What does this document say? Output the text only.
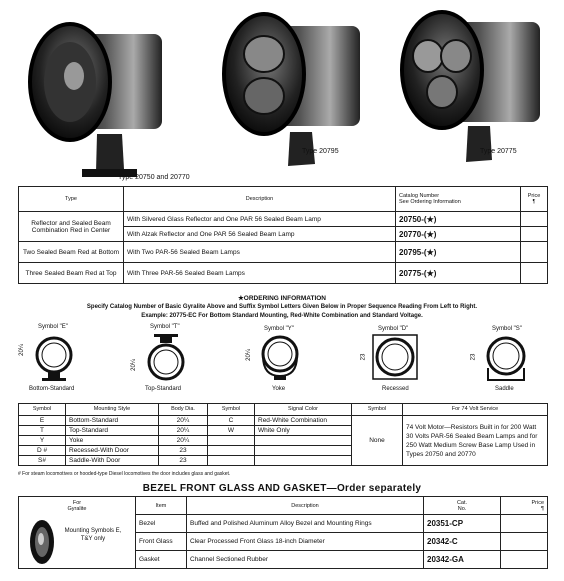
Type 20750 and 20770
Type 20795	Type 20775
Type	Description	Catalog Number
See Ordering Information	Price
¶
Reflector and Sealed Beam Combination Red in Center	With Silvered Glass Reflector and One PAR 56 Sealed Beam Lamp	20750-(★)	
	With Alzak Reflector and One PAR 56 Sealed Beam Lamp	20770-(★)	
Two Sealed Beam Red at Bottom	With Two PAR-56 Sealed Beam Lamps	20795-(★)	
Three Sealed Beam Red at Top	With Three PAR-56 Sealed Beam Lamps	20775-(★)	
★ORDERING INFORMATION
Specify Catalog Number of Basic Gyralite Above and Suffix Symbol Letters Given Below in Proper Sequence Reading From Left to Right.
Example: 20775-EC For Bottom Standard Mounting, Red-White Combination and Standard Voltage.
Symbol "E"
20¼
Bottom-Standard
Symbol "T"
20¼
Top-Standard
Symbol "Y"
20¼
Yoke
Symbol "D"
23
Recessed
Symbol "S"
23
Saddle
Symbol	Mounting Style	Body Dia.	Symbol	Signal Color	Symbol	For 74 Volt Service
E	Bottom-Standard	20¼	C	Red-White Combination	None	74 Volt Motor—Resistors Built in for 200 Watt 30 Volts PAR-56 Sealed Beam Lamps and for 250 Watt Medium Screw Base Lamp Used in Types 20750 and 20770
T	Top-Standard	20¼	W	White Only		
Y	Yoke	20¼				
D #	Recessed-With Door	23				
S#	Saddle-With Door	23				
# For steam locomotives or hooded-type Diesel locomotives the door includes glass and gasket.
BEZEL FRONT GLASS AND GASKET—Order separately
For
Gyralite	Item	Description	Cat.
No.	Price
¶

Mounting Symbols E, T&Y only	Bezel	Buffed and Polished Aluminum Alloy Bezel and Mounting Rings	20351-CP	
	Front Glass	Clear Processed Front Glass 18-inch Diameter	20342-C	
	Gasket	Channel Sectioned Rubber	20342-GA	
